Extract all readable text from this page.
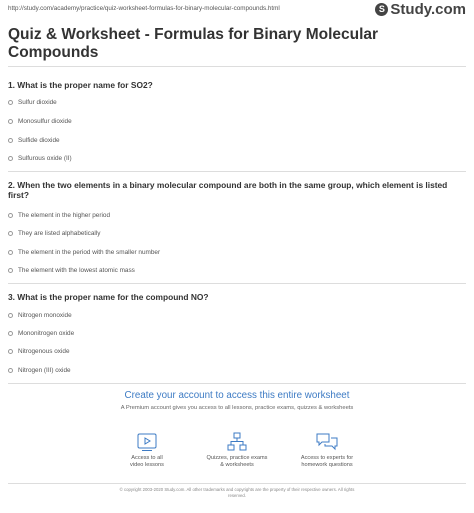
http://study.com/academy/practice/quiz-worksheet-formulas-for-binary-molecular-compounds.html	S Study.com
Quiz & Worksheet - Formulas for Binary Molecular Compounds
1. What is the proper name for SO2?
Sulfur dioxide
Monosulfur dioxide
Sulfide dioxide
Sulfurous oxide (II)
2. When the two elements in a binary molecular compound are both in the same group, which element is listed first?
The element in the higher period
They are listed alphabetically
The element in the period with the smaller number
The element with the lowest atomic mass
3. What is the proper name for the compound NO?
Nitrogen monoxide
Mononitrogen oxide
Nitrogenous oxide
Nitrogen (III) oxide
Create your account to access this entire worksheet
A Premium account gives you access to all lessons, practice exams, quizzes & worksheets
Access to all
video lessons
Quizzes, practice exams
& worksheets
Access to experts for
homework questions
© copyright 2003-2020 Study.com. All other trademarks and copyrights are the property of their respective owners. All rights
reserved.
